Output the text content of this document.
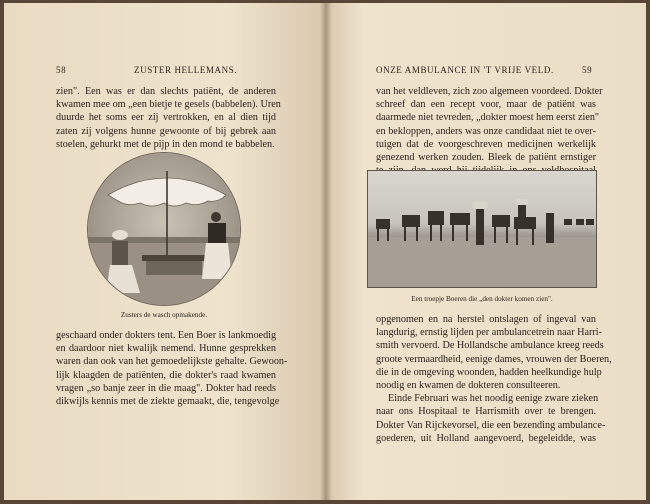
58	ZUSTER HELLEMANS.
zien". Een was er dan slechts patiënt, de anderen
kwamen mee om „een bietje te gesels (babbelen). Uren
duurde het soms eer zij vertrokken, en al dien tijd
zaten zij volgens hunne gewoonte of bij gebrek aan
stoelen, gehurkt met de pijp in den mond te babbelen.
Zusters de wasch opmakende.
geschaard onder dokters tent. Een Boer is lankmoedig
en daardoor niet kwalijk nemend. Hunne gesprekken
waren dan ook van het gemoedelijkste gehalte. Gewoon-
lijk klaagden de patiënten, die dokter's raad kwamen
vragen „so banje zeer in die maag". Dokter had reeds
dikwijls kennis met de ziekte gemaakt, die, tengevolge
ONZE AMBULANCE IN 'T VRIJE VELD.	59
van het veldleven, zich zoo algemeen voordeed. Dokter
schreef dan een recept voor, maar de patiënt was
daarmede niet tevreden, „dokter moest hem eerst zien"
en bekloppen, anders was onze candidaat niet te over-
tuigen dat de voorgeschreven medicijnen werkelijk
genezend werken zouden. Bleek de patiënt ernstiger
Een troepje Boeren die „den dokter komen zien".
opgenomen en na herstel ontslagen of ingeval van
langdurig, ernstig lijden per ambulancetrein naar Harri-
smith vervoerd. De Hollandsche ambulance kreeg reeds
groote vermaardheid, eenige dames, vrouwen der Boeren,
die in de omgeving woonden, hadden heelkundige hulp
noodig en kwamen de dokteren consulteeren.
Einde Februari was het noodig eenige zware zieken
naar ons Hospitaal te Harrismith over te brengen.
Dokter Van Rijckevorsel, die een bezending ambulance-
goederen, uit Holland aangevoerd, begeleidde, was
